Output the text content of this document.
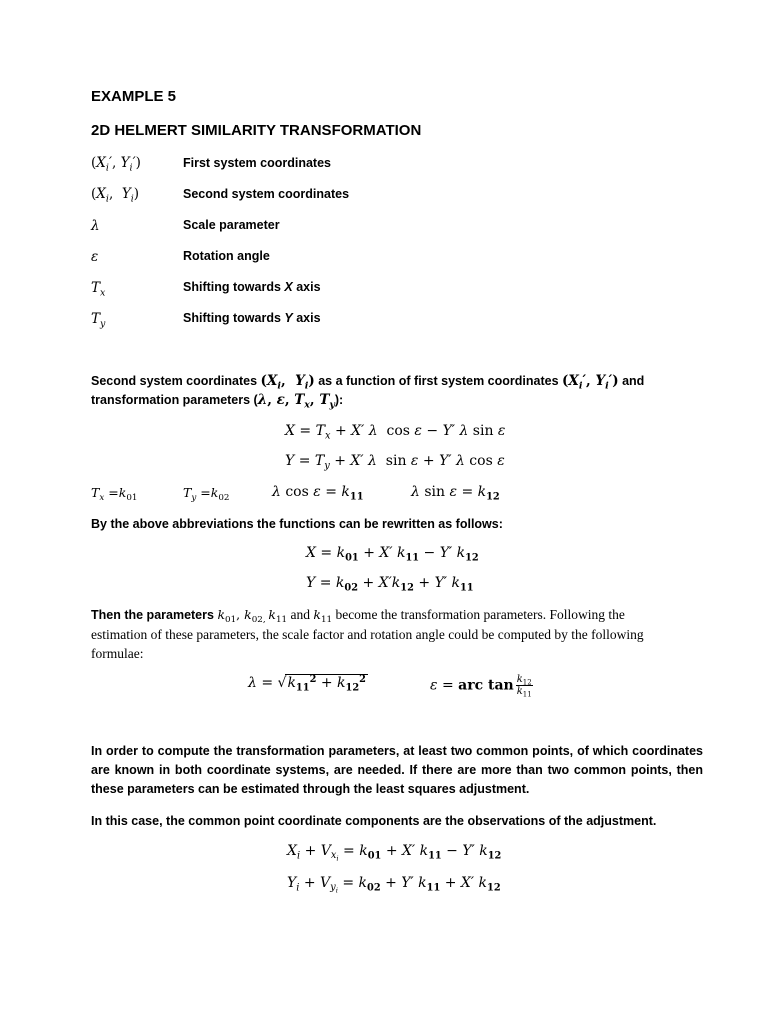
EXAMPLE 5
2D HELMERT SIMILARITY TRANSFORMATION
($X_i'$, $Y_i'$)	First system coordinates
($X_i$,  $Y_i$)	Second system coordinates
λ	Scale parameter
ε	Rotation angle
$T_x$	Shifting towards X axis
$T_y$	Shifting towards Y axis
Second system coordinates ($X_i$,  $Y_i$) as a function of first system coordinates ($X_i'$, $Y_i'$) and
transformation parameters (λ, ε, $T_x$, $T_y$):
$X = T_x + X'$ λ  cos ε − Y′ λ sin ε
$Y = T_y + X'$ λ  sin ε + Y′ λ cos ε
$T_x =k_{01}$	$T_y =k_{02}$	λ $\cos \varepsilon = k_{11}$	λ $\sin \varepsilon = k_{12}$
By the above abbreviations the functions can be rewritten as follows:
$X = k_{01} + X'$ $k_{11} - Y'$ $k_{12}$
$Y = k_{02} + X'k_{12} + Y'$ $k_{11}$
Then the parameters $k_{01}$, $k_{02,}$ $k_{11}$ and $k_{11}$ become the transformation parameters. Following the
estimation of these parameters, the scale factor and rotation angle could be computed by the following
formulae:
$\lambda = √k_{11}^2 + k_{12}^2$	ε = arc $\tan \frac{k_{12}}{k_{11}}$
In order to compute the transformation parameters, at least two common points, of which coordinates are known in both coordinate systems, are needed. If there are more than two common points, then these parameters can be estimated through the least squares adjustment.
In this case, the common point coordinate components are the observations of the adjustment.
$X_i + V_{x_i} = k_{01} + X'$ $k_{11} - Y'$ $k_{12}$
$Y_i + V_{y_i} = k_{02} + Y'$ $k_{11} + X'$ $k_{12}$
